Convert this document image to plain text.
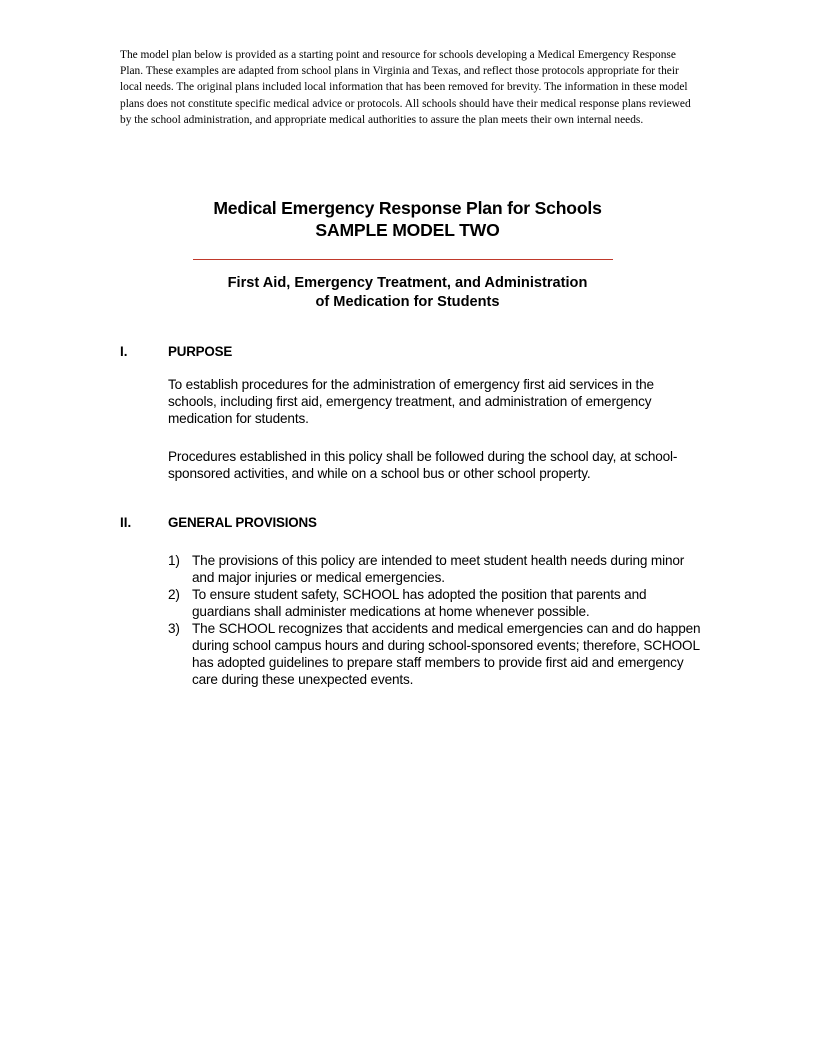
The model plan below is provided as a starting point and resource for schools developing a Medical Emergency Response Plan. These examples are adapted from school plans in Virginia and Texas, and reflect those protocols appropriate for their local needs. The original plans included local information that has been removed for brevity. The information in these model plans does not constitute specific medical advice or protocols. All schools should have their medical response plans reviewed by the school administration, and appropriate medical authorities to assure the plan meets their own internal needs.

Medical Emergency Response Plan for Schools
SAMPLE MODEL TWO
First Aid, Emergency Treatment, and Administration
of Medication for Students
I.	PURPOSE

To establish procedures for the administration of emergency first aid services in the schools, including first aid, emergency treatment, and administration of emergency medication for students.

Procedures established in this policy shall be followed during the school day, at school-sponsored activities, and while on a school bus or other school property.

II.	GENERAL PROVISIONS
1) The provisions of this policy are intended to meet student health needs during minor and major injuries or medical emergencies.
2) To ensure student safety, SCHOOL has adopted the position that parents and guardians shall administer medications at home whenever possible.
3) The SCHOOL recognizes that accidents and medical emergencies can and do happen during school campus hours and during school-sponsored events; therefore, SCHOOL has adopted guidelines to prepare staff members to provide first aid and emergency care during these unexpected events.
